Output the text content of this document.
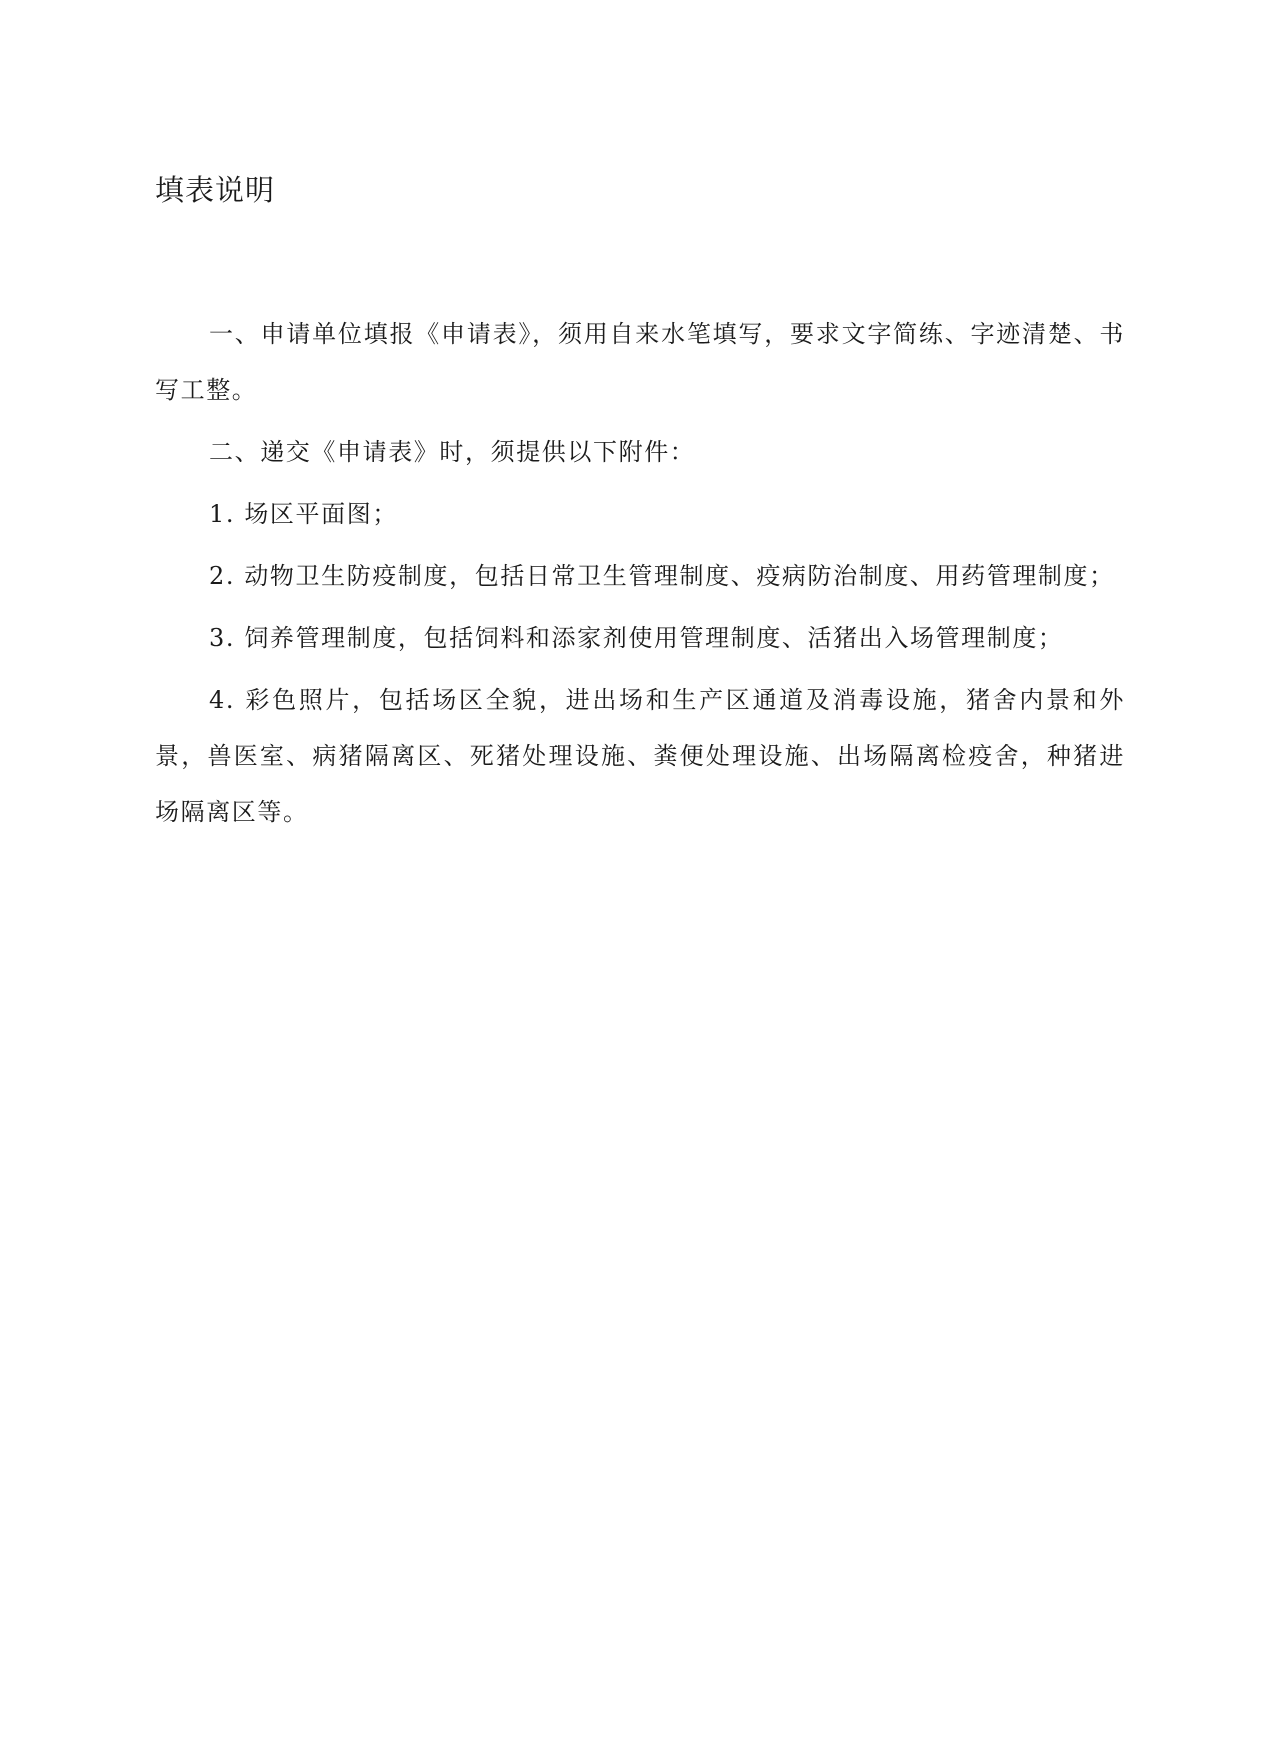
填表说明

一、申请单位填报《申请表》，须用自来水笔填写，要求文字简练、字迹清楚、书写工整。

二、递交《申请表》时，须提供以下附件：

1. 场区平面图；

2. 动物卫生防疫制度，包括日常卫生管理制度、疫病防治制度、用药管理制度；

3. 饲养管理制度，包括饲料和添家剂使用管理制度、活猪出入场管理制度；

4. 彩色照片，包括场区全貌，进出场和生产区通道及消毒设施，猪舍内景和外景，兽医室、病猪隔离区、死猪处理设施、粪便处理设施、出场隔离检疫舍，种猪进场隔离区等。
